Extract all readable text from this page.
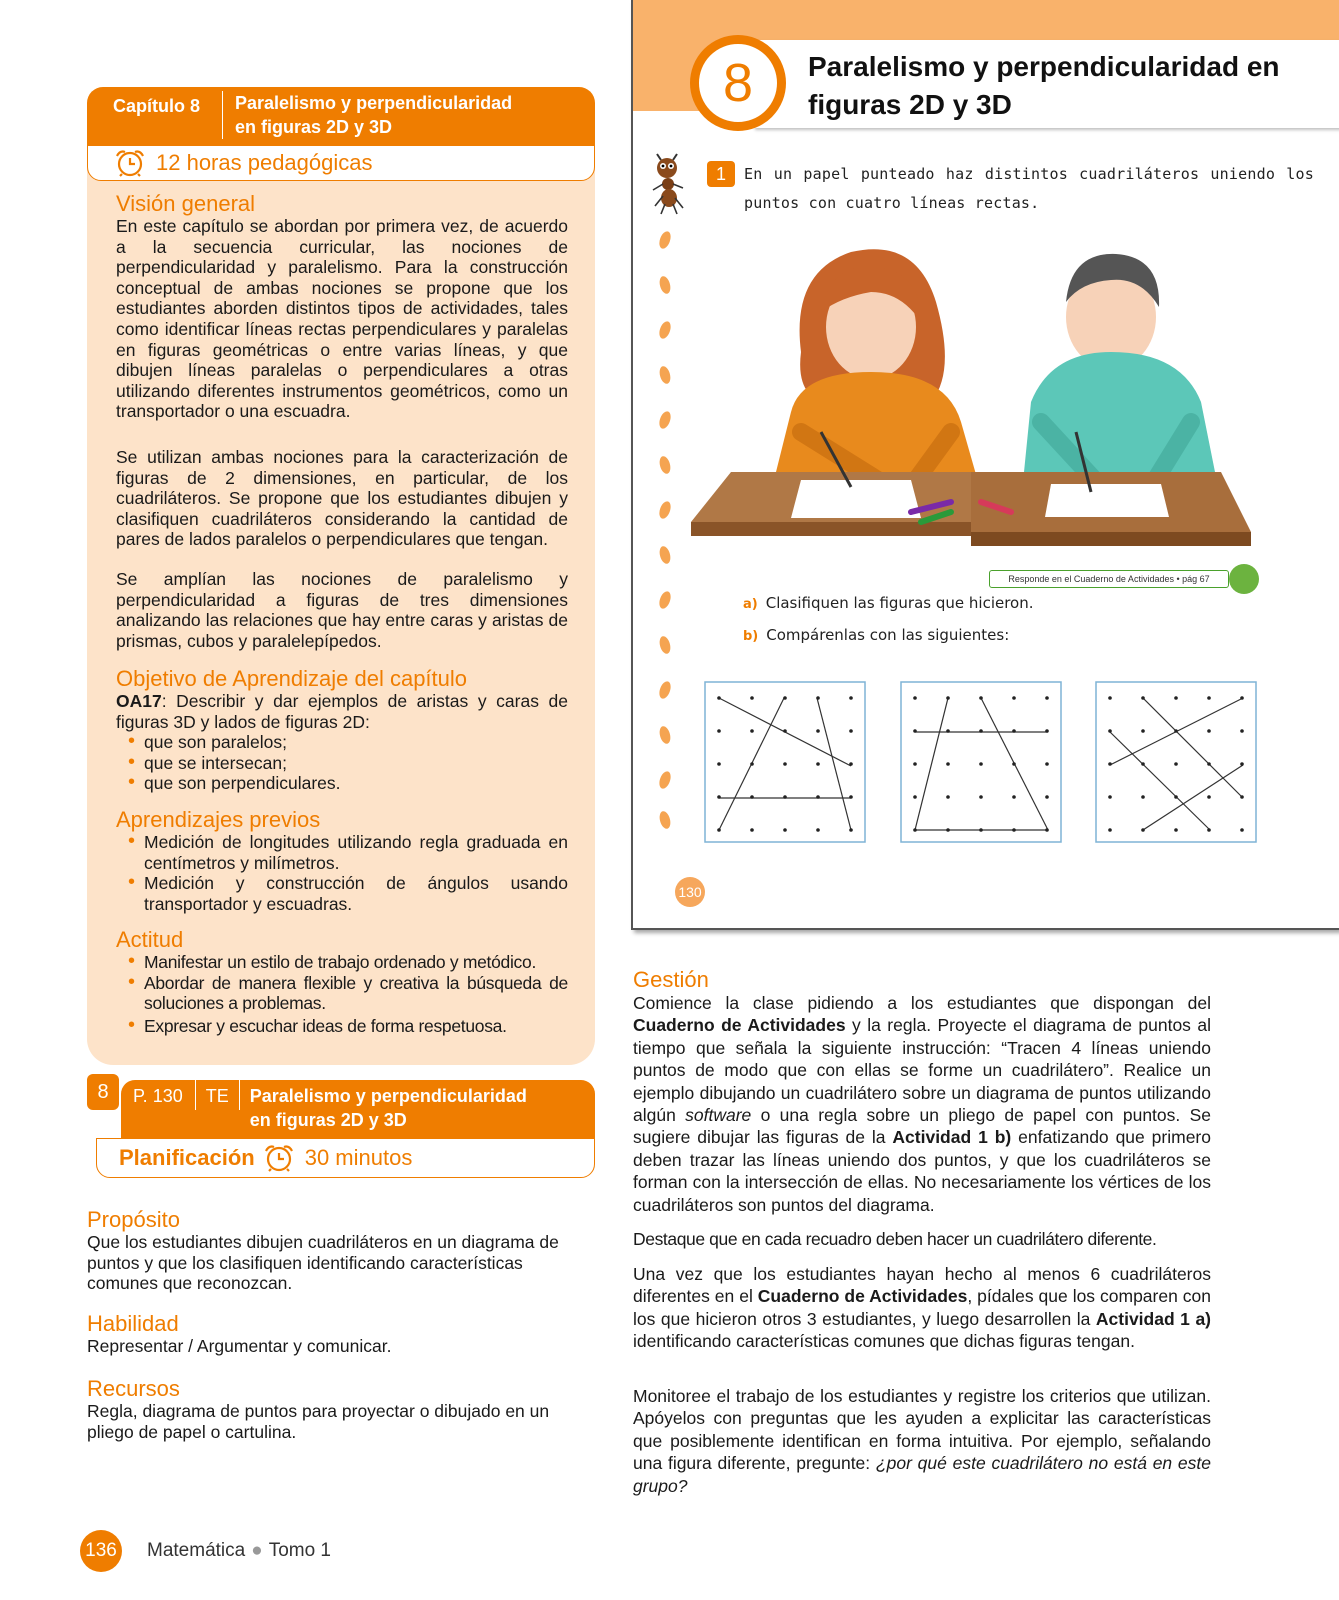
Capítulo 8	Paralelismo y perpendicularidad
en figuras 2D y 3D
12 horas pedagógicas
Visión general

En este capítulo se abordan por primera vez, de acuerdo a la secuencia curricular, las nociones de perpendicularidad y paralelismo. Para la construcción conceptual de ambas nociones se propone que los estudiantes aborden distintos tipos de actividades, tales como identificar líneas rectas perpendiculares y paralelas en figuras geométricas o entre varias líneas, y que dibujen líneas paralelas o perpendiculares a otras utilizando diferentes instrumentos geométricos, como un transportador o una escuadra.

Se utilizan ambas nociones para la caracterización de figuras de 2 dimensiones, en particular, de los cuadriláteros. Se propone que los estudiantes dibujen y clasifiquen cuadriláteros considerando la cantidad de pares de lados paralelos o perpendiculares que tengan.

Se amplían las nociones de paralelismo y perpendicularidad a figuras de tres dimensiones analizando las relaciones que hay entre caras y aristas de prismas, cubos y paralelepípedos.

Objetivo de Aprendizaje del capítulo

OA17: Describir y dar ejemplos de aristas y caras de figuras 3D y lados de figuras 2D:

• que son paralelos;
• que se intersecan;
• que son perpendiculares.
Aprendizajes previos
• Medición de longitudes utilizando regla graduada en centímetros y milímetros.
• Medición y construcción de ángulos usando transportador y escuadras.
Actitud
• Manifestar un estilo de trabajo ordenado y metódico.
• Abordar de manera flexible y creativa la búsqueda de soluciones a problemas.
• Expresar y escuchar ideas de forma respetuosa.
8	P. 130	TE	Paralelismo y perpendicularidad
en figuras 2D y 3D
Planificación 30 minutos
Propósito

Que los estudiantes dibujen cuadriláteros en un diagrama de puntos y que los clasifiquen identificando características comunes que reconozcan.

Habilidad

Representar / Argumentar y comunicar.

Recursos

Regla, diagrama de puntos para proyectar o dibujado en un pliego de papel o cartulina.

136 Matemática ● Tomo 1
8	Paralelismo y perpendicularidad en
figuras 2D y 3D
1	En un papel punteado haz distintos cuadriláteros uniendo los puntos con cuatro líneas rectas.
Responde en el Cuaderno de Actividades • pág 67
a) Clasifiquen las figuras que hicieron.
b) Compárenlas con las siguientes:
130
Gestión

Comience la clase pidiendo a los estudiantes que dispongan del Cuaderno de Actividades y la regla. Proyecte el diagrama de puntos al tiempo que señala la siguiente instrucción: “Tracen 4 líneas uniendo puntos de modo que con ellas se forme un cuadrilátero”. Realice un ejemplo dibujando un cuadrilátero sobre un diagrama de puntos utilizando algún software o una regla sobre un pliego de papel con puntos. Se sugiere dibujar las figuras de la Actividad 1 b) enfatizando que primero deben trazar las líneas uniendo dos puntos, y que los cuadriláteros se forman con la intersección de ellas. No necesariamente los vértices de los cuadriláteros son puntos del diagrama.

Destaque que en cada recuadro deben hacer un cuadrilátero diferente.

Una vez que los estudiantes hayan hecho al menos 6 cuadriláteros diferentes en el Cuaderno de Actividades, pídales que los comparen con los que hicieron otros 3 estudiantes, y luego desarrollen la Actividad 1 a) identificando características comunes que dichas figuras tengan.

Monitoree el trabajo de los estudiantes y registre los criterios que utilizan. Apóyelos con preguntas que les ayuden a explicitar las características que posiblemente identifican en forma intuitiva. Por ejemplo, señalando una figura diferente, pregunte: ¿por qué este cuadrilátero no está en este grupo?
